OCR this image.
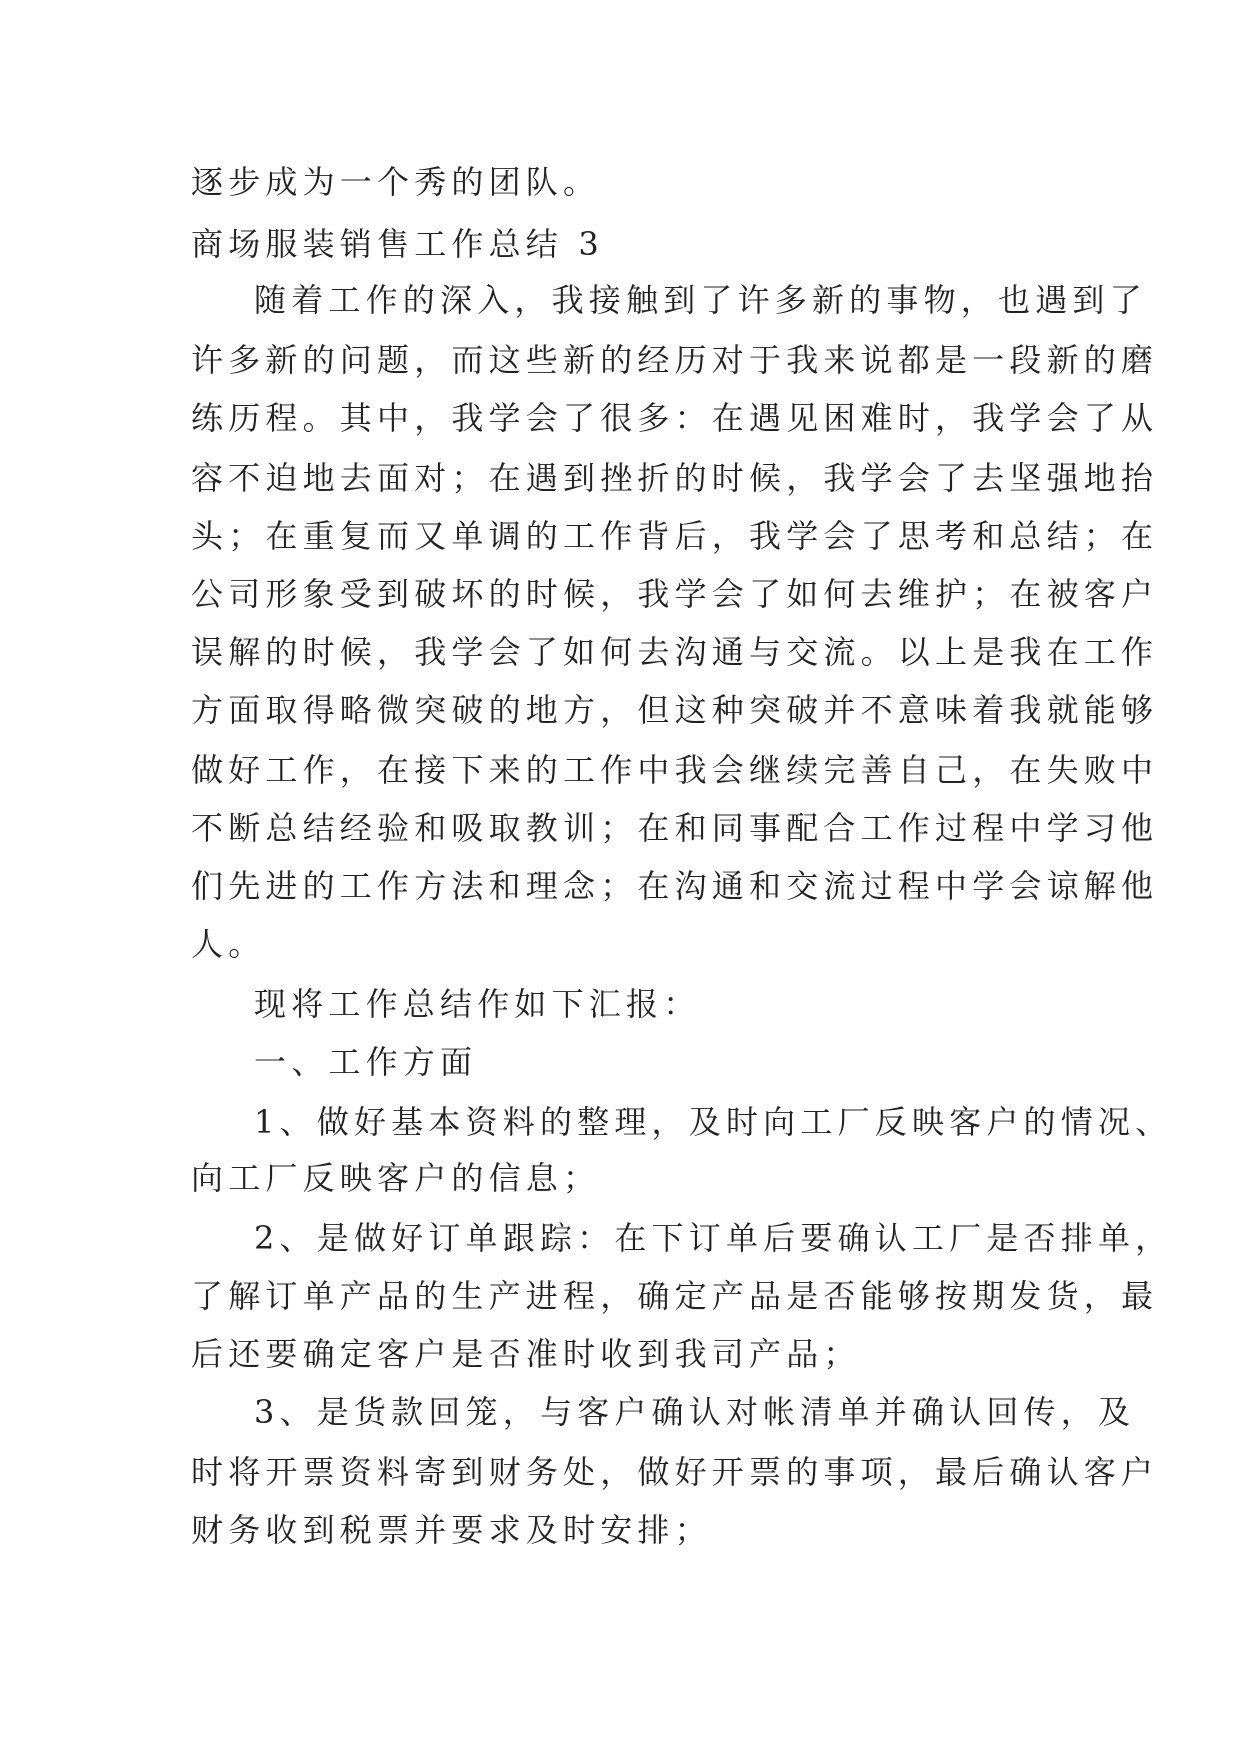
逐步成为一个秀的团队。
商场服装销售工作总结 3
随着工作的深入，我接触到了许多新的事物，也遇到了
许多新的问题，而这些新的经历对于我来说都是一段新的磨
练历程。其中，我学会了很多：在遇见困难时，我学会了从
容不迫地去面对；在遇到挫折的时候，我学会了去坚强地抬
头；在重复而又单调的工作背后，我学会了思考和总结；在
公司形象受到破坏的时候，我学会了如何去维护；在被客户
误解的时候，我学会了如何去沟通与交流。以上是我在工作
方面取得略微突破的地方，但这种突破并不意味着我就能够
做好工作，在接下来的工作中我会继续完善自己，在失败中
不断总结经验和吸取教训；在和同事配合工作过程中学习他
们先进的工作方法和理念；在沟通和交流过程中学会谅解他
人。
现将工作总结作如下汇报：
一、工作方面
1、做好基本资料的整理，及时向工厂反映客户的情况、
向工厂反映客户的信息；
2、是做好订单跟踪：在下订单后要确认工厂是否排单，
了解订单产品的生产进程，确定产品是否能够按期发货，最
后还要确定客户是否准时收到我司产品；
3、是货款回笼，与客户确认对帐清单并确认回传，及
时将开票资料寄到财务处，做好开票的事项，最后确认客户
财务收到税票并要求及时安排；
